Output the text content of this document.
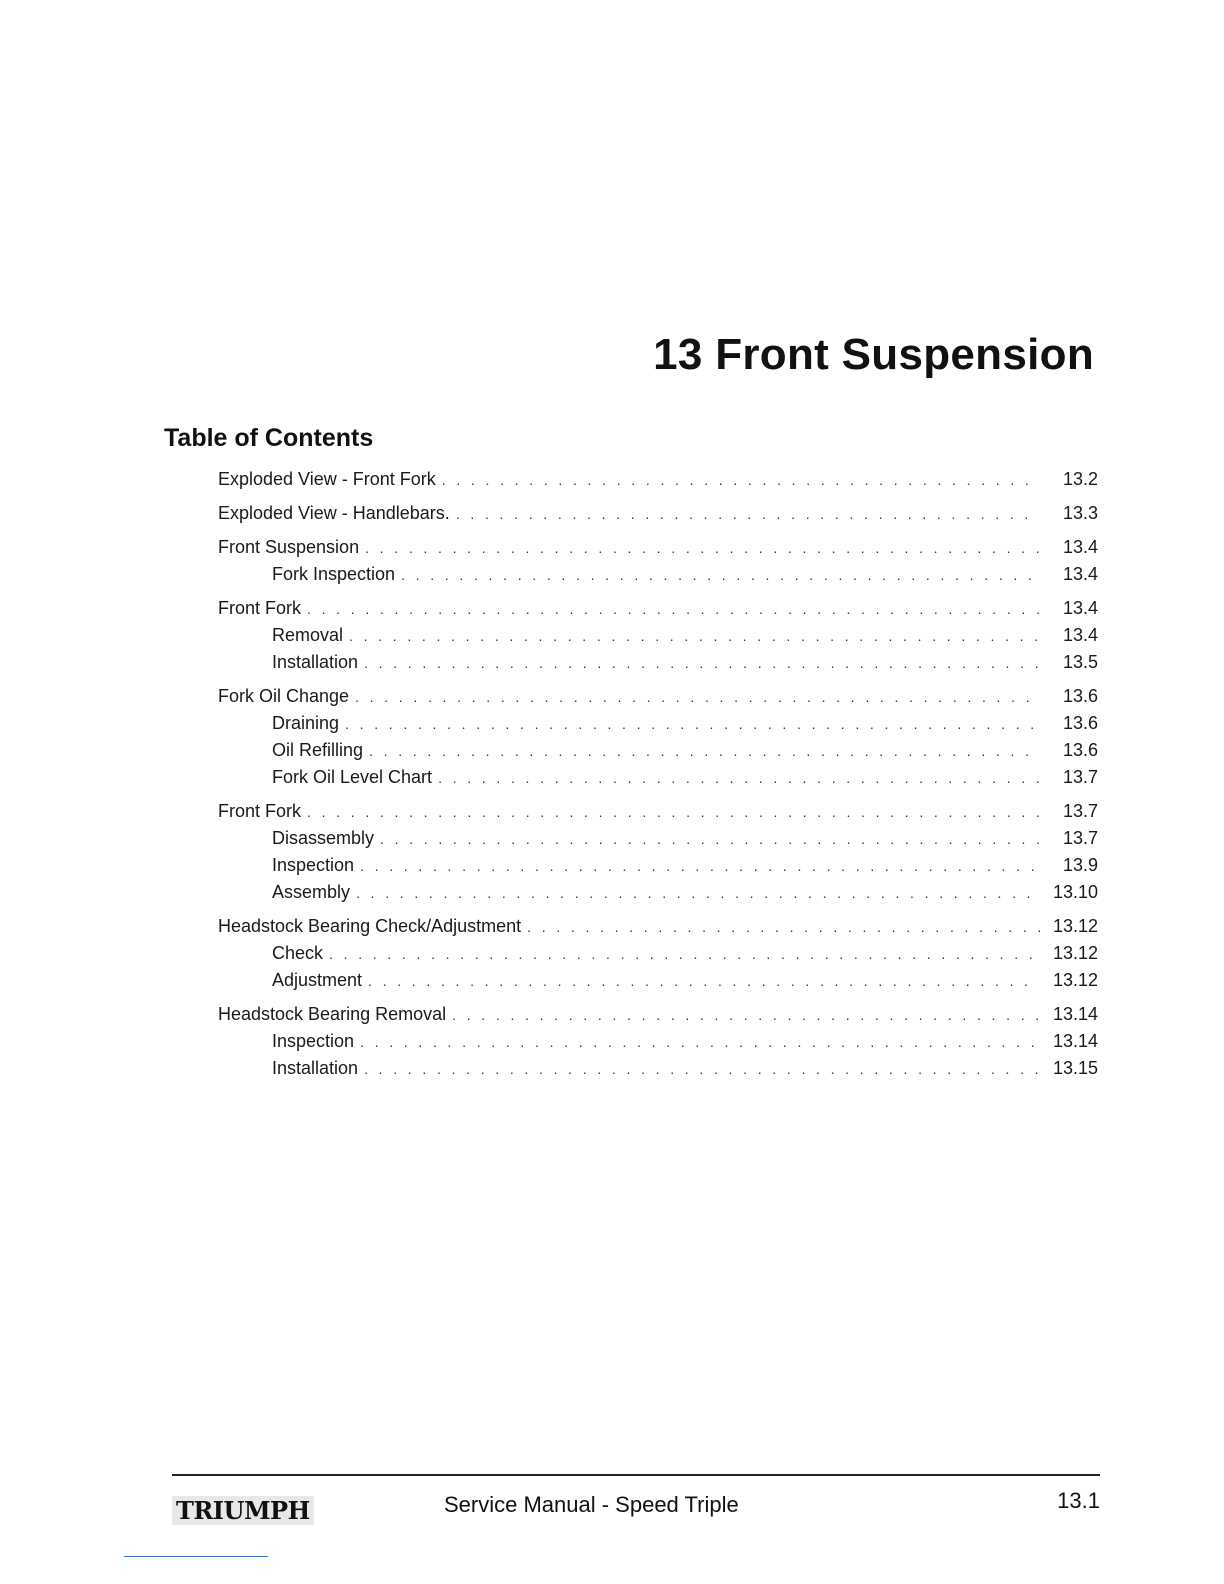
13 Front Suspension
Table of Contents
Exploded View - Front Fork . . .	13.2
Exploded View - Handlebars. . . .	13.3
Front Suspension . . .	13.4
Fork Inspection . . .	13.4
Front Fork . . .	13.4
Removal . . .	13.4
Installation . . .	13.5
Fork Oil Change . . .	13.6
Draining . . .	13.6
Oil Refilling . . .	13.6
Fork Oil Level Chart . . .	13.7
Front Fork . . .	13.7
Disassembly . . .	13.7
Inspection . . .	13.9
Assembly . . .	13.10
Headstock Bearing Check/Adjustment . . .	13.12
Check . . .	13.12
Adjustment . . .	13.12
Headstock Bearing Removal . . .	13.14
Inspection . . .	13.14
Installation . . .	13.15
TRIUMPH	Service Manual - Speed Triple	13.1
